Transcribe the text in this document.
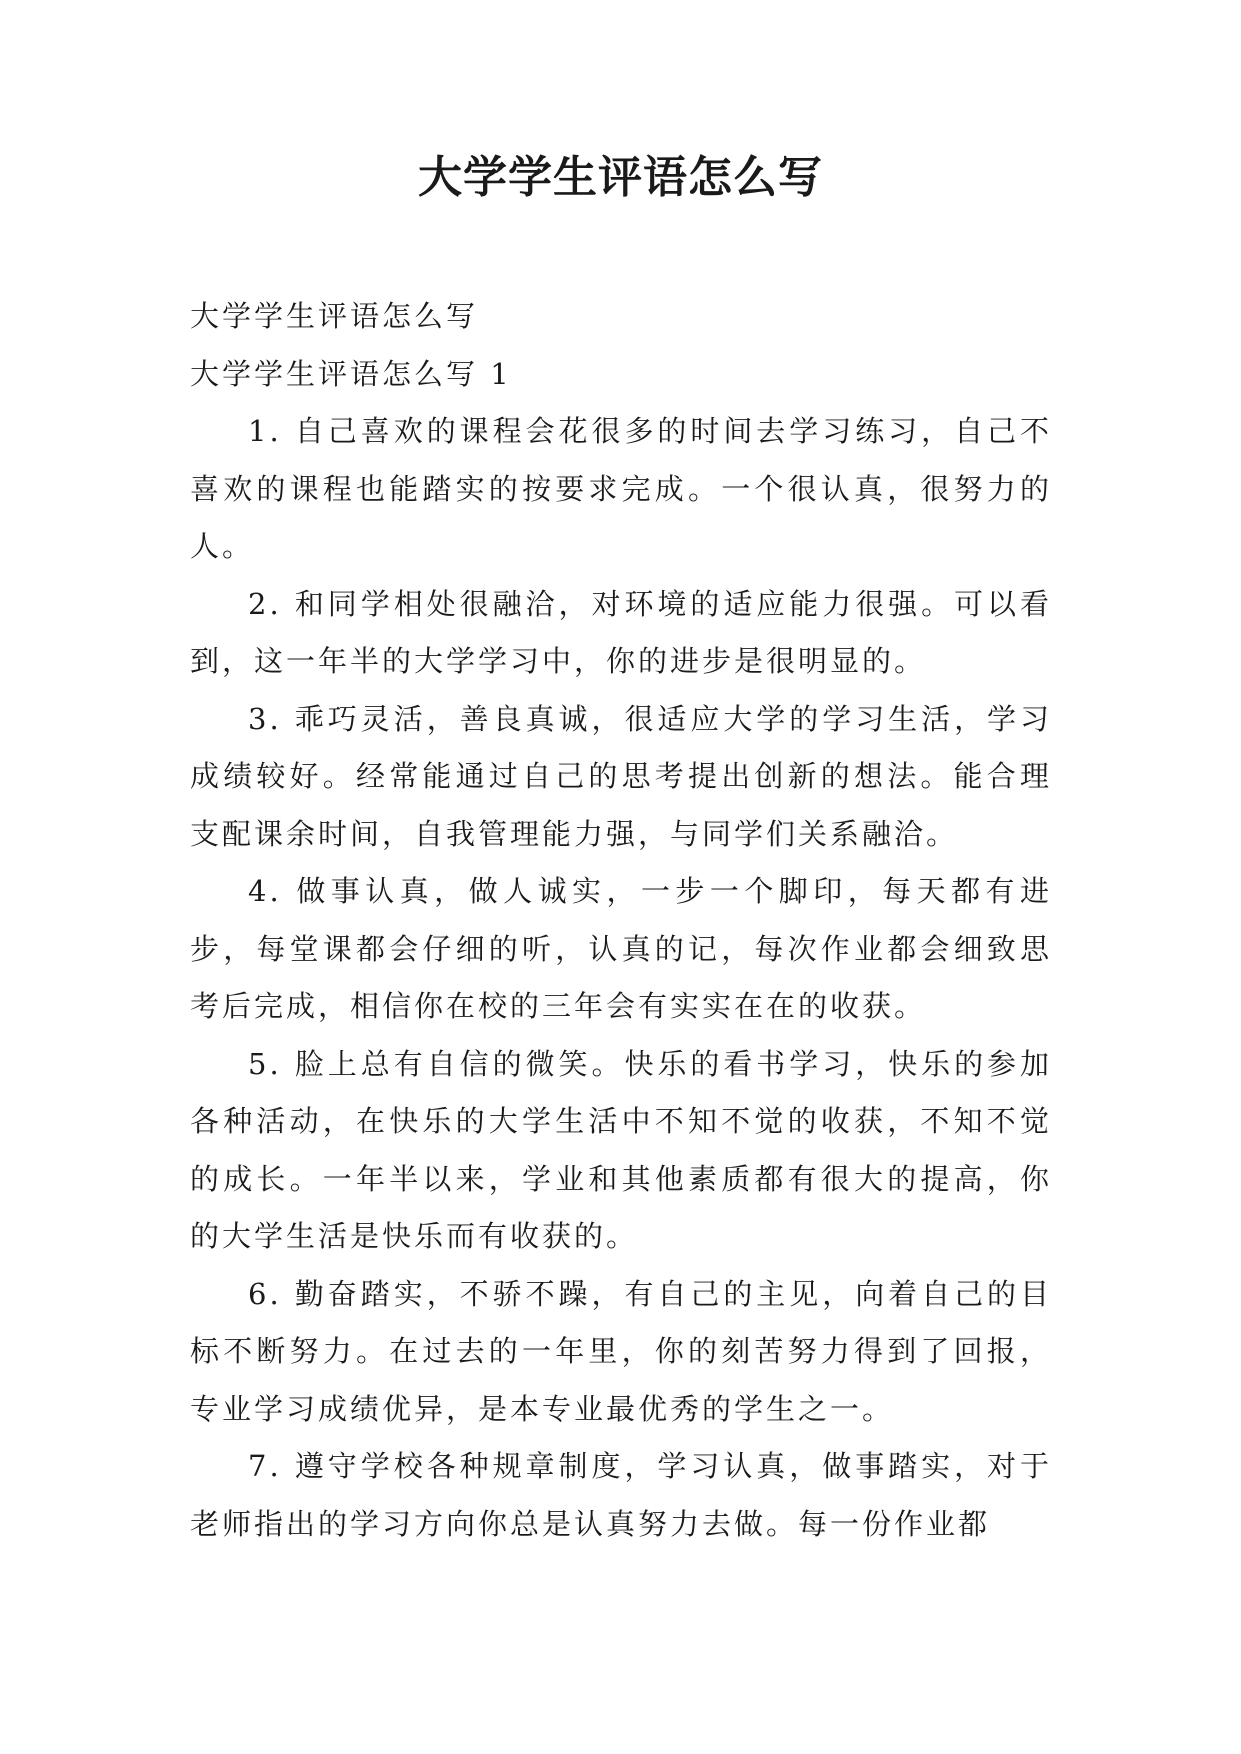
大学学生评语怎么写

大学学生评语怎么写

大学学生评语怎么写 1

1. 自己喜欢的课程会花很多的时间去学习练习，自己不喜欢的课程也能踏实的按要求完成。一个很认真，很努力的人。

2. 和同学相处很融洽，对环境的适应能力很强。可以看到，这一年半的大学学习中，你的进步是很明显的。

3. 乖巧灵活，善良真诚，很适应大学的学习生活，学习成绩较好。经常能通过自己的思考提出创新的想法。能合理支配课余时间，自我管理能力强，与同学们关系融洽。

4. 做事认真，做人诚实，一步一个脚印，每天都有进步，每堂课都会仔细的听，认真的记，每次作业都会细致思考后完成，相信你在校的三年会有实实在在的收获。

5. 脸上总有自信的微笑。快乐的看书学习，快乐的参加各种活动，在快乐的大学生活中不知不觉的收获，不知不觉的成长。一年半以来，学业和其他素质都有很大的提高，你的大学生活是快乐而有收获的。

6. 勤奋踏实，不骄不躁，有自己的主见，向着自己的目标不断努力。在过去的一年里，你的刻苦努力得到了回报，专业学习成绩优异，是本专业最优秀的学生之一。

7. 遵守学校各种规章制度，学习认真，做事踏实，对于老师指出的学习方向你总是认真努力去做。每一份作业都
